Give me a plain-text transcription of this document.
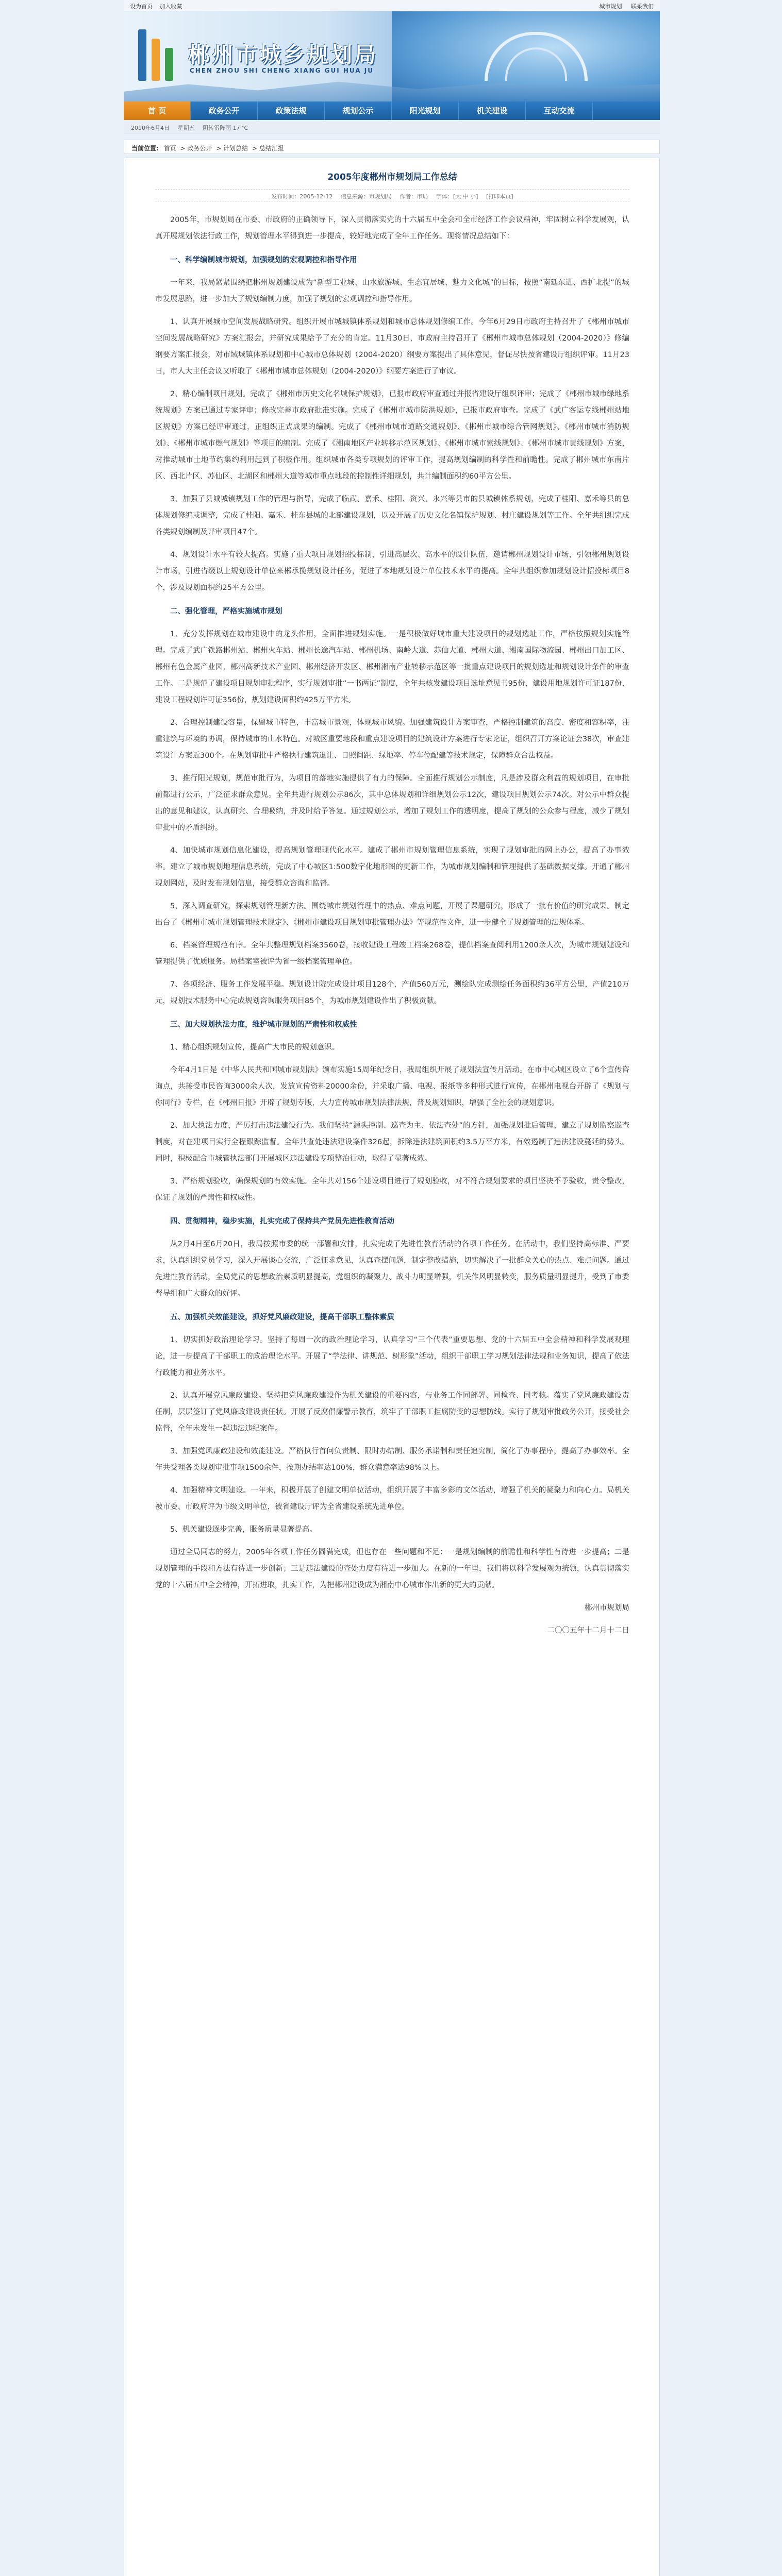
设为首页 加入收藏	城市规划 联系我们
郴州市城乡规划局
CHEN ZHOU SHI CHENG XIANG GUI HUA JU
首 页	政务公开	政策法规	规划公示	阳光规划	机关建设	互动交流
2010年6月4日 星期五 阴转雷阵雨 17 ℃
当前位置: 首页 > 政务公开 > 计划总结 > 总结汇报
2005年度郴州市规划局工作总结
发布时间：2005-12-12 信息来源：市规划局 作者：市局 字体：[大 中 小] [打印本页]

2005年，市规划局在市委、市政府的正确领导下，深入贯彻落实党的十六届五中全会和全市经济工作会议精神，牢固树立科学发展观，认真开展规划依法行政工作，规划管理水平得到进一步提高，较好地完成了全年工作任务。现将情况总结如下：

一、科学编制城市规划，加强规划的宏观调控和指导作用

一年来，我局紧紧围绕把郴州规划建设成为“新型工业城、山水旅游城、生态宜居城、魅力文化城”的目标，按照“南延东进、西扩北提”的城市发展思路，进一步加大了规划编制力度，加强了规划的宏观调控和指导作用。

1、认真开展城市空间发展战略研究。组织开展市城城镇体系规划和城市总体规划修编工作。今年6月29日市政府主持召开了《郴州市城市空间发展战略研究》方案汇报会，并研究成果给予了充分的肯定。11月30日，市政府主持召开了《郴州市城市总体规划（2004-2020）》修编纲要方案汇报会，对市域城镇体系规划和中心城市总体规划（2004-2020）纲要方案提出了具体意见，督促尽快按省建设厅组织评审。11月23日，市人大主任会议又听取了《郴州市城市总体规划（2004-2020）》纲要方案进行了审议。

2、精心编制项目规划。完成了《郴州市历史文化名城保护规划》，已报市政府审查通过并报省建设厅组织评审；完成了《郴州市城市绿地系统规划》方案已通过专家评审；修改完善市政府批准实施。完成了《郴州市城市防洪规划》，已报市政府审查。完成了《武广客运专线郴州站地区规划》方案已经评审通过，正组织正式成果的编制。完成了《郴州市城市道路交通规划》、《郴州市城市综合管网规划》、《郴州市城市消防规划》、《郴州市城市燃气规划》等项目的编制。完成了《湘南地区产业转移示范区规划》、《郴州市城市紫线规划》、《郴州市城市黄线规划》方案，对推动城市土地节约集约利用起到了积极作用。组织城市各类专项规划的评审工作，提高规划编制的科学性和前瞻性。完成了郴州城市东南片区、西北片区、苏仙区、北湖区和郴州大道等城市重点地段的控制性详细规划，共计编制面积约60平方公里。

3、加强了县城城镇规划工作的管理与指导，完成了临武、嘉禾、桂阳、资兴、永兴等县市的县城镇体系规划，完成了桂阳、嘉禾等县的总体规划修编或调整，完成了桂阳、嘉禾、桂东县城的北部建设规划，以及开展了历史文化名镇保护规划、村庄建设规划等工作。全年共组织完成各类规划编制及评审项目47个。

4、规划设计水平有较大提高。实施了重大项目规划招投标制，引进高层次、高水平的设计队伍，邀请郴州规划设计市场，引领郴州规划设计市场，引进省级以上规划设计单位来郴承揽规划设计任务，促进了本地规划设计单位技术水平的提高。全年共组织参加规划设计招投标项目8个，涉及规划面积约25平方公里。

二、强化管理，严格实施城市规划

1、充分发挥规划在城市建设中的龙头作用，全面推进规划实施。一是积极做好城市重大建设项目的规划选址工作，严格按照规划实施管理。完成了武广铁路郴州站、郴州火车站、郴州长途汽车站、郴州机场、南岭大道、苏仙大道、郴州大道、湘南国际物流园、郴州出口加工区、郴州有色金属产业园、郴州高新技术产业园、郴州经济开发区、郴州湘南产业转移示范区等一批重点建设项目的规划选址和规划设计条件的审查工作。二是规范了建设项目规划审批程序，实行规划审批“一书两证”制度，全年共核发建设项目选址意见书95份，建设用地规划许可证187份，建设工程规划许可证356份，规划建设面积约425万平方米。

2、合理控制建设容量，保留城市特色，丰富城市景观，体现城市风貌。加强建筑设计方案审查，严格控制建筑的高度、密度和容积率，注重建筑与环境的协调，保持城市的山水特色。对城区重要地段和重点建设项目的建筑设计方案进行专家论证，组织召开方案论证会38次，审查建筑设计方案近300个。在规划审批中严格执行建筑退让、日照间距、绿地率、停车位配建等技术规定，保障群众合法权益。

3、推行阳光规划，规范审批行为，为项目的落地实施提供了有力的保障。全面推行规划公示制度，凡是涉及群众利益的规划项目，在审批前都进行公示，广泛征求群众意见。全年共进行规划公示86次，其中总体规划和详细规划公示12次，建设项目规划公示74次。对公示中群众提出的意见和建议，认真研究、合理吸纳，并及时给予答复。通过规划公示，增加了规划工作的透明度，提高了规划的公众参与程度，减少了规划审批中的矛盾纠纷。

4、加快城市规划信息化建设，提高规划管理现代化水平。建成了郴州市规划管理信息系统，实现了规划审批的网上办公，提高了办事效率。建立了城市规划地理信息系统，完成了中心城区1:500数字化地形图的更新工作，为城市规划编制和管理提供了基础数据支撑。开通了郴州规划网站，及时发布规划信息，接受群众咨询和监督。

5、深入调查研究，探索规划管理新方法。围绕城市规划管理中的热点、难点问题，开展了课题研究，形成了一批有价值的研究成果。制定出台了《郴州市城市规划管理技术规定》、《郴州市建设项目规划审批管理办法》等规范性文件，进一步健全了规划管理的法规体系。

6、档案管理规范有序。全年共整理规划档案3560卷，接收建设工程竣工档案268卷，提供档案查阅利用1200余人次，为城市规划建设和管理提供了优质服务。局档案室被评为省一级档案管理单位。

7、各项经济、服务工作发展平稳。规划设计院完成设计项目128个，产值560万元，测绘队完成测绘任务面积约36平方公里，产值210万元，规划技术服务中心完成规划咨询服务项目85个，为城市规划建设作出了积极贡献。

三、加大规划执法力度，维护城市规划的严肃性和权威性

1、精心组织规划宣传，提高广大市民的规划意识。

今年4月1日是《中华人民共和国城市规划法》颁布实施15周年纪念日，我局组织开展了规划法宣传月活动。在市中心城区设立了6个宣传咨询点，共接受市民咨询3000余人次，发放宣传资料20000余份，并采取广播、电视、报纸等多种形式进行宣传，在郴州电视台开辟了《规划与你同行》专栏，在《郴州日报》开辟了规划专版，大力宣传城市规划法律法规，普及规划知识，增强了全社会的规划意识。

2、加大执法力度，严厉打击违法建设行为。我们坚持“源头控制、巡查为主、依法查处”的方针，加强规划批后管理，建立了规划监察巡查制度，对在建项目实行全程跟踪监督。全年共查处违法建设案件326起，拆除违法建筑面积约3.5万平方米，有效遏制了违法建设蔓延的势头。同时，积极配合市城管执法部门开展城区违法建设专项整治行动，取得了显著成效。

3、严格规划验收，确保规划的有效实施。全年共对156个建设项目进行了规划验收，对不符合规划要求的项目坚决不予验收，责令整改，保证了规划的严肃性和权威性。

四、贯彻精神，稳步实施，扎实完成了保持共产党员先进性教育活动

从2月4日至6月20日，我局按照市委的统一部署和安排，扎实完成了先进性教育活动的各项工作任务。在活动中，我们坚持高标准、严要求，认真组织党员学习，深入开展谈心交流，广泛征求意见，认真查摆问题，制定整改措施，切实解决了一批群众关心的热点、难点问题。通过先进性教育活动，全局党员的思想政治素质明显提高，党组织的凝聚力、战斗力明显增强，机关作风明显转变，服务质量明显提升，受到了市委督导组和广大群众的好评。

五、加强机关效能建设，抓好党风廉政建设，提高干部职工整体素质

1、切实抓好政治理论学习。坚持了每周一次的政治理论学习，认真学习“三个代表”重要思想、党的十六届五中全会精神和科学发展观理论，进一步提高了干部职工的政治理论水平。开展了“学法律、讲规范、树形象”活动，组织干部职工学习规划法律法规和业务知识，提高了依法行政能力和业务水平。

2、认真开展党风廉政建设。坚持把党风廉政建设作为机关建设的重要内容，与业务工作同部署、同检查、同考核。落实了党风廉政建设责任制，层层签订了党风廉政建设责任状。开展了反腐倡廉警示教育，筑牢了干部职工拒腐防变的思想防线。实行了规划审批政务公开，接受社会监督，全年未发生一起违法违纪案件。

3、加强党风廉政建设和效能建设。严格执行首问负责制、限时办结制、服务承诺制和责任追究制，简化了办事程序，提高了办事效率。全年共受理各类规划审批事项1500余件，按期办结率达100%，群众满意率达98%以上。

4、加强精神文明建设。一年来，积极开展了创建文明单位活动，组织开展了丰富多彩的文体活动，增强了机关的凝聚力和向心力。局机关被市委、市政府评为市级文明单位，被省建设厅评为全省建设系统先进单位。

5、机关建设逐步完善，服务质量显著提高。

通过全局同志的努力，2005年各项工作任务圆满完成，但也存在一些问题和不足：一是规划编制的前瞻性和科学性有待进一步提高；二是规划管理的手段和方法有待进一步创新；三是违法建设的查处力度有待进一步加大。在新的一年里，我们将以科学发展观为统领，认真贯彻落实党的十六届五中全会精神，开拓进取，扎实工作，为把郴州建设成为湘南中心城市作出新的更大的贡献。

郴州市规划局

二〇〇五年十二月十二日
